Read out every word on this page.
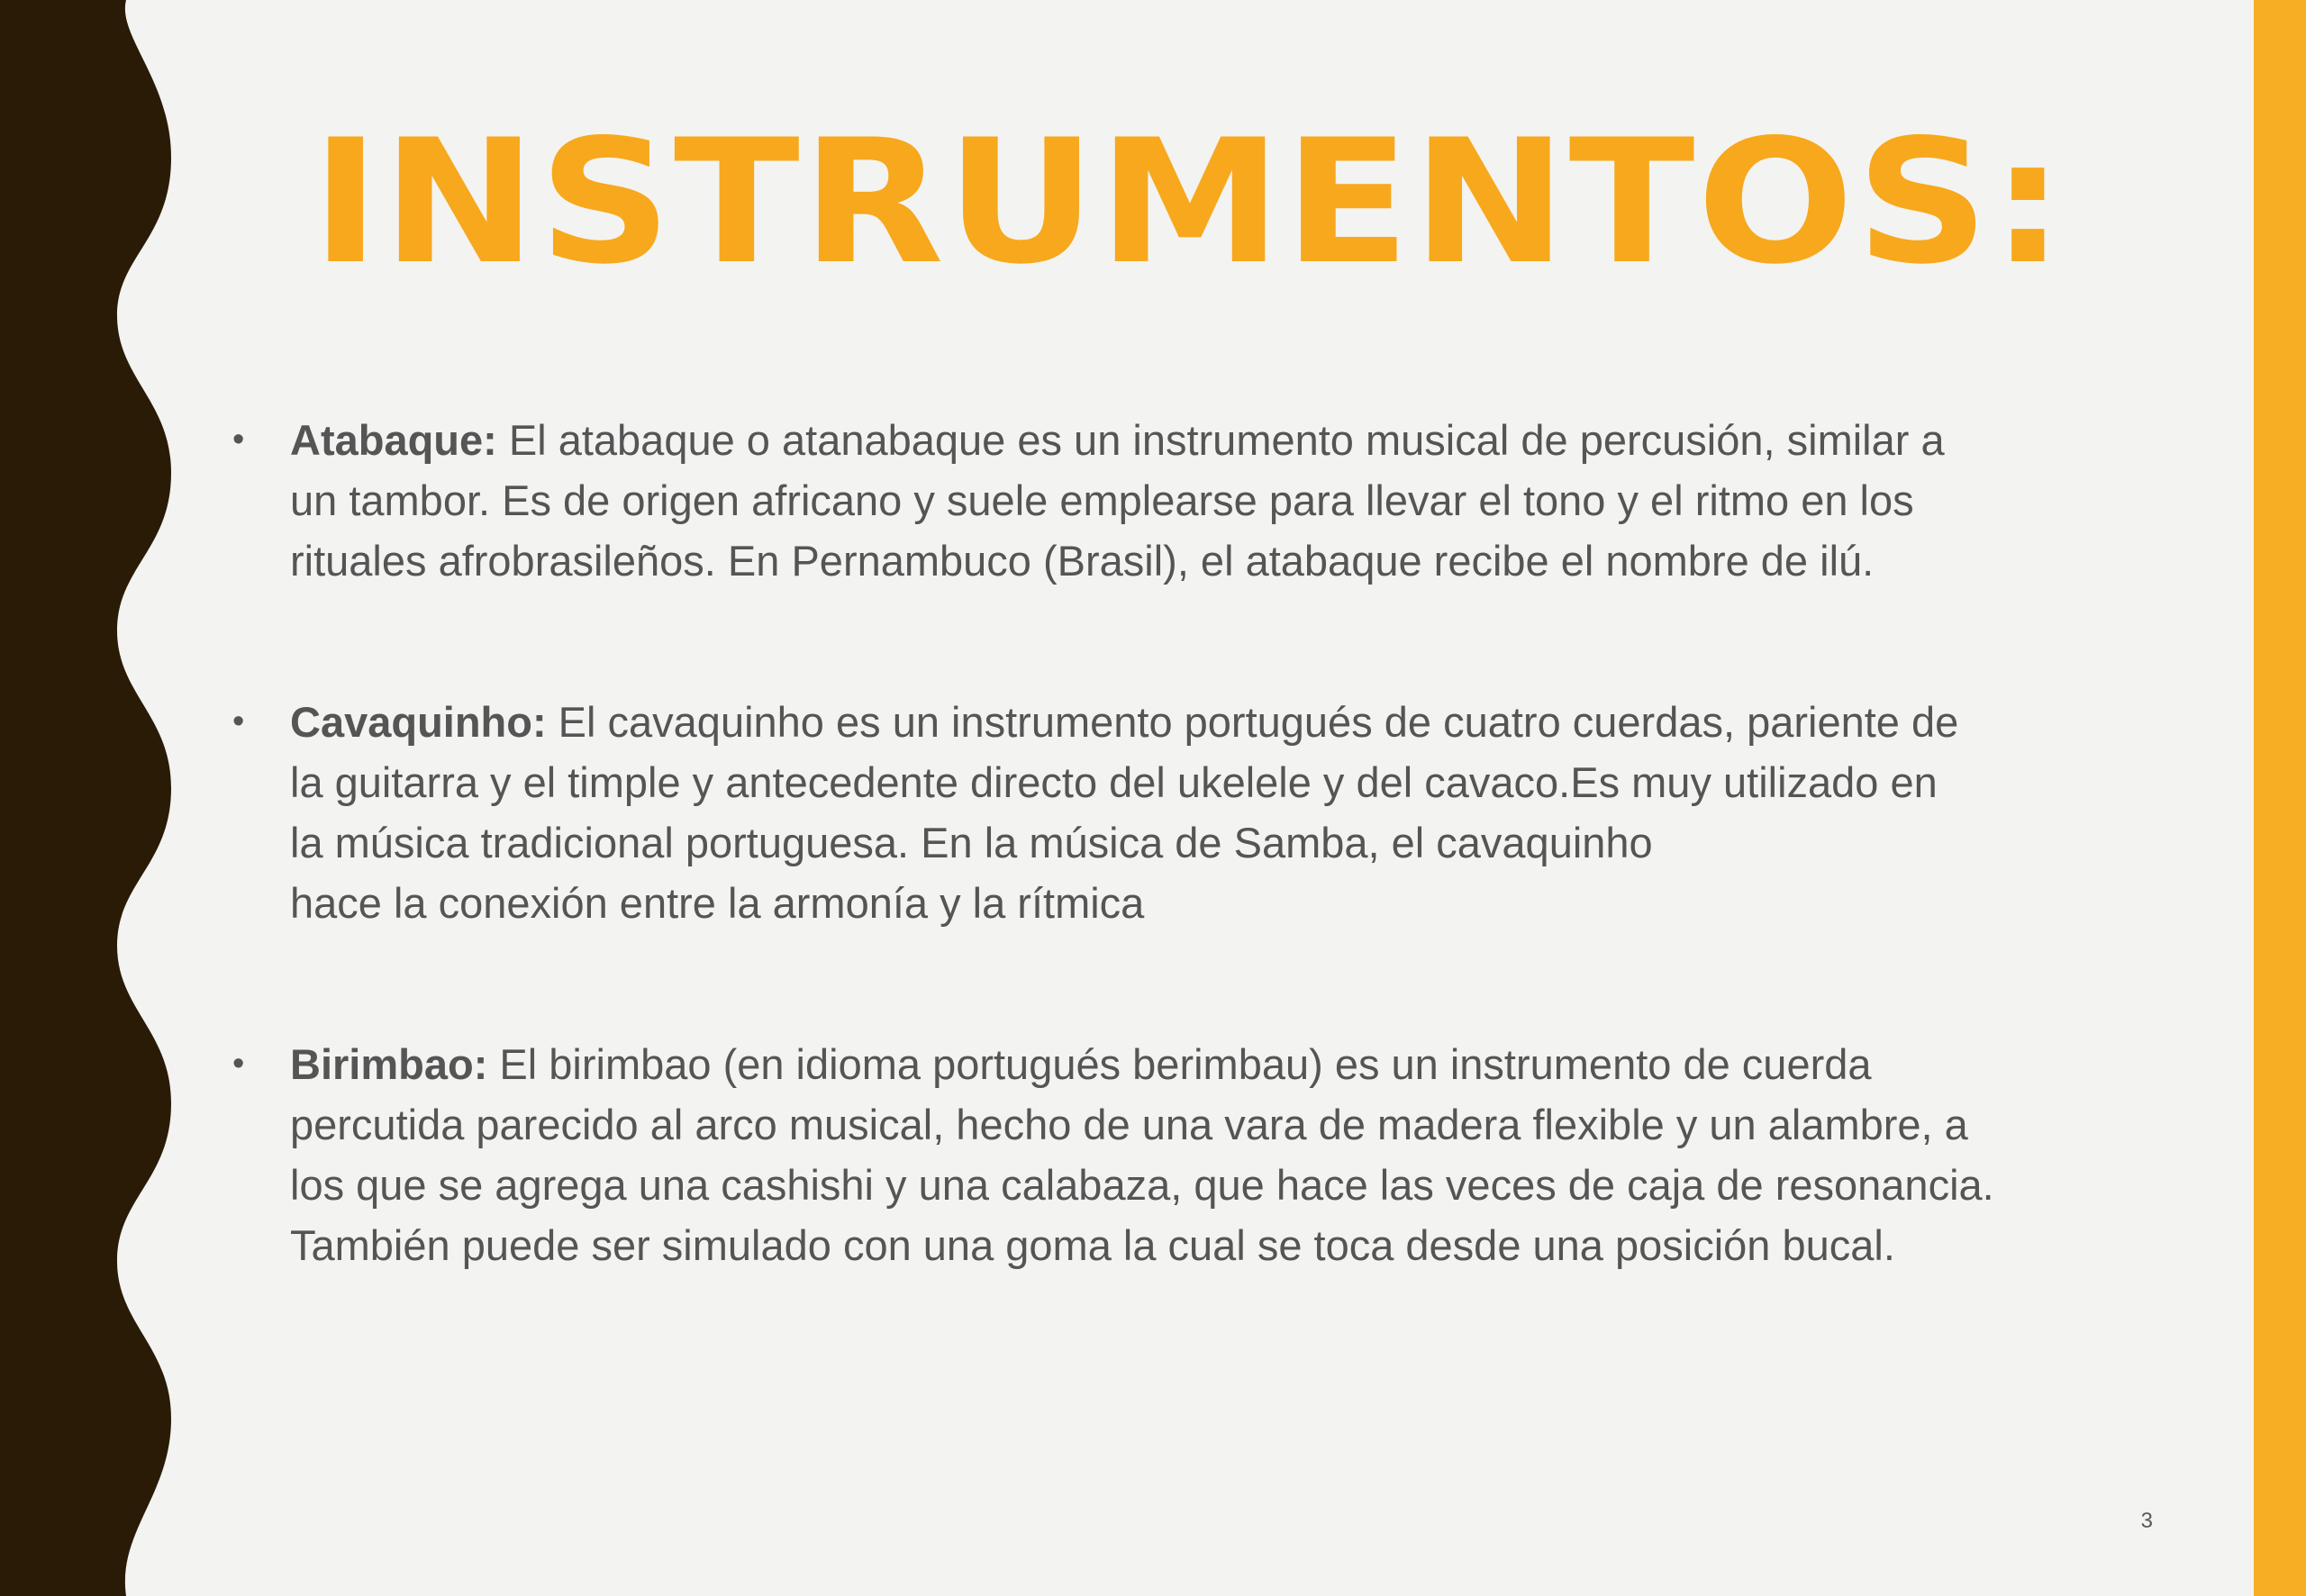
INSTRUMENTOS:
•	Atabaque: El atabaque o atanabaque es un instrumento musical de percusión, similar a
un tambor. Es de origen africano y suele emplearse para llevar el tono y el ritmo en los
rituales afrobrasileños. En Pernambuco (Brasil), el atabaque recibe el nombre de ilú.
•	Cavaquinho: El cavaquinho es un instrumento portugués de cuatro cuerdas, pariente de
la guitarra y el timple y antecedente directo del ukelele y del cavaco.Es muy utilizado en
la música tradicional portuguesa. En la música de Samba, el cavaquinho
hace la conexión entre la armonía y la rítmica
•	Birimbao: El birimbao (en idioma portugués berimbau) es un instrumento de cuerda
percutida parecido al arco musical, hecho de una vara de madera flexible y un alambre, a
los que se agrega una cashishi y una calabaza, que hace las veces de caja de resonancia.
También puede ser simulado con una goma la cual se toca desde una posición bucal.
3
